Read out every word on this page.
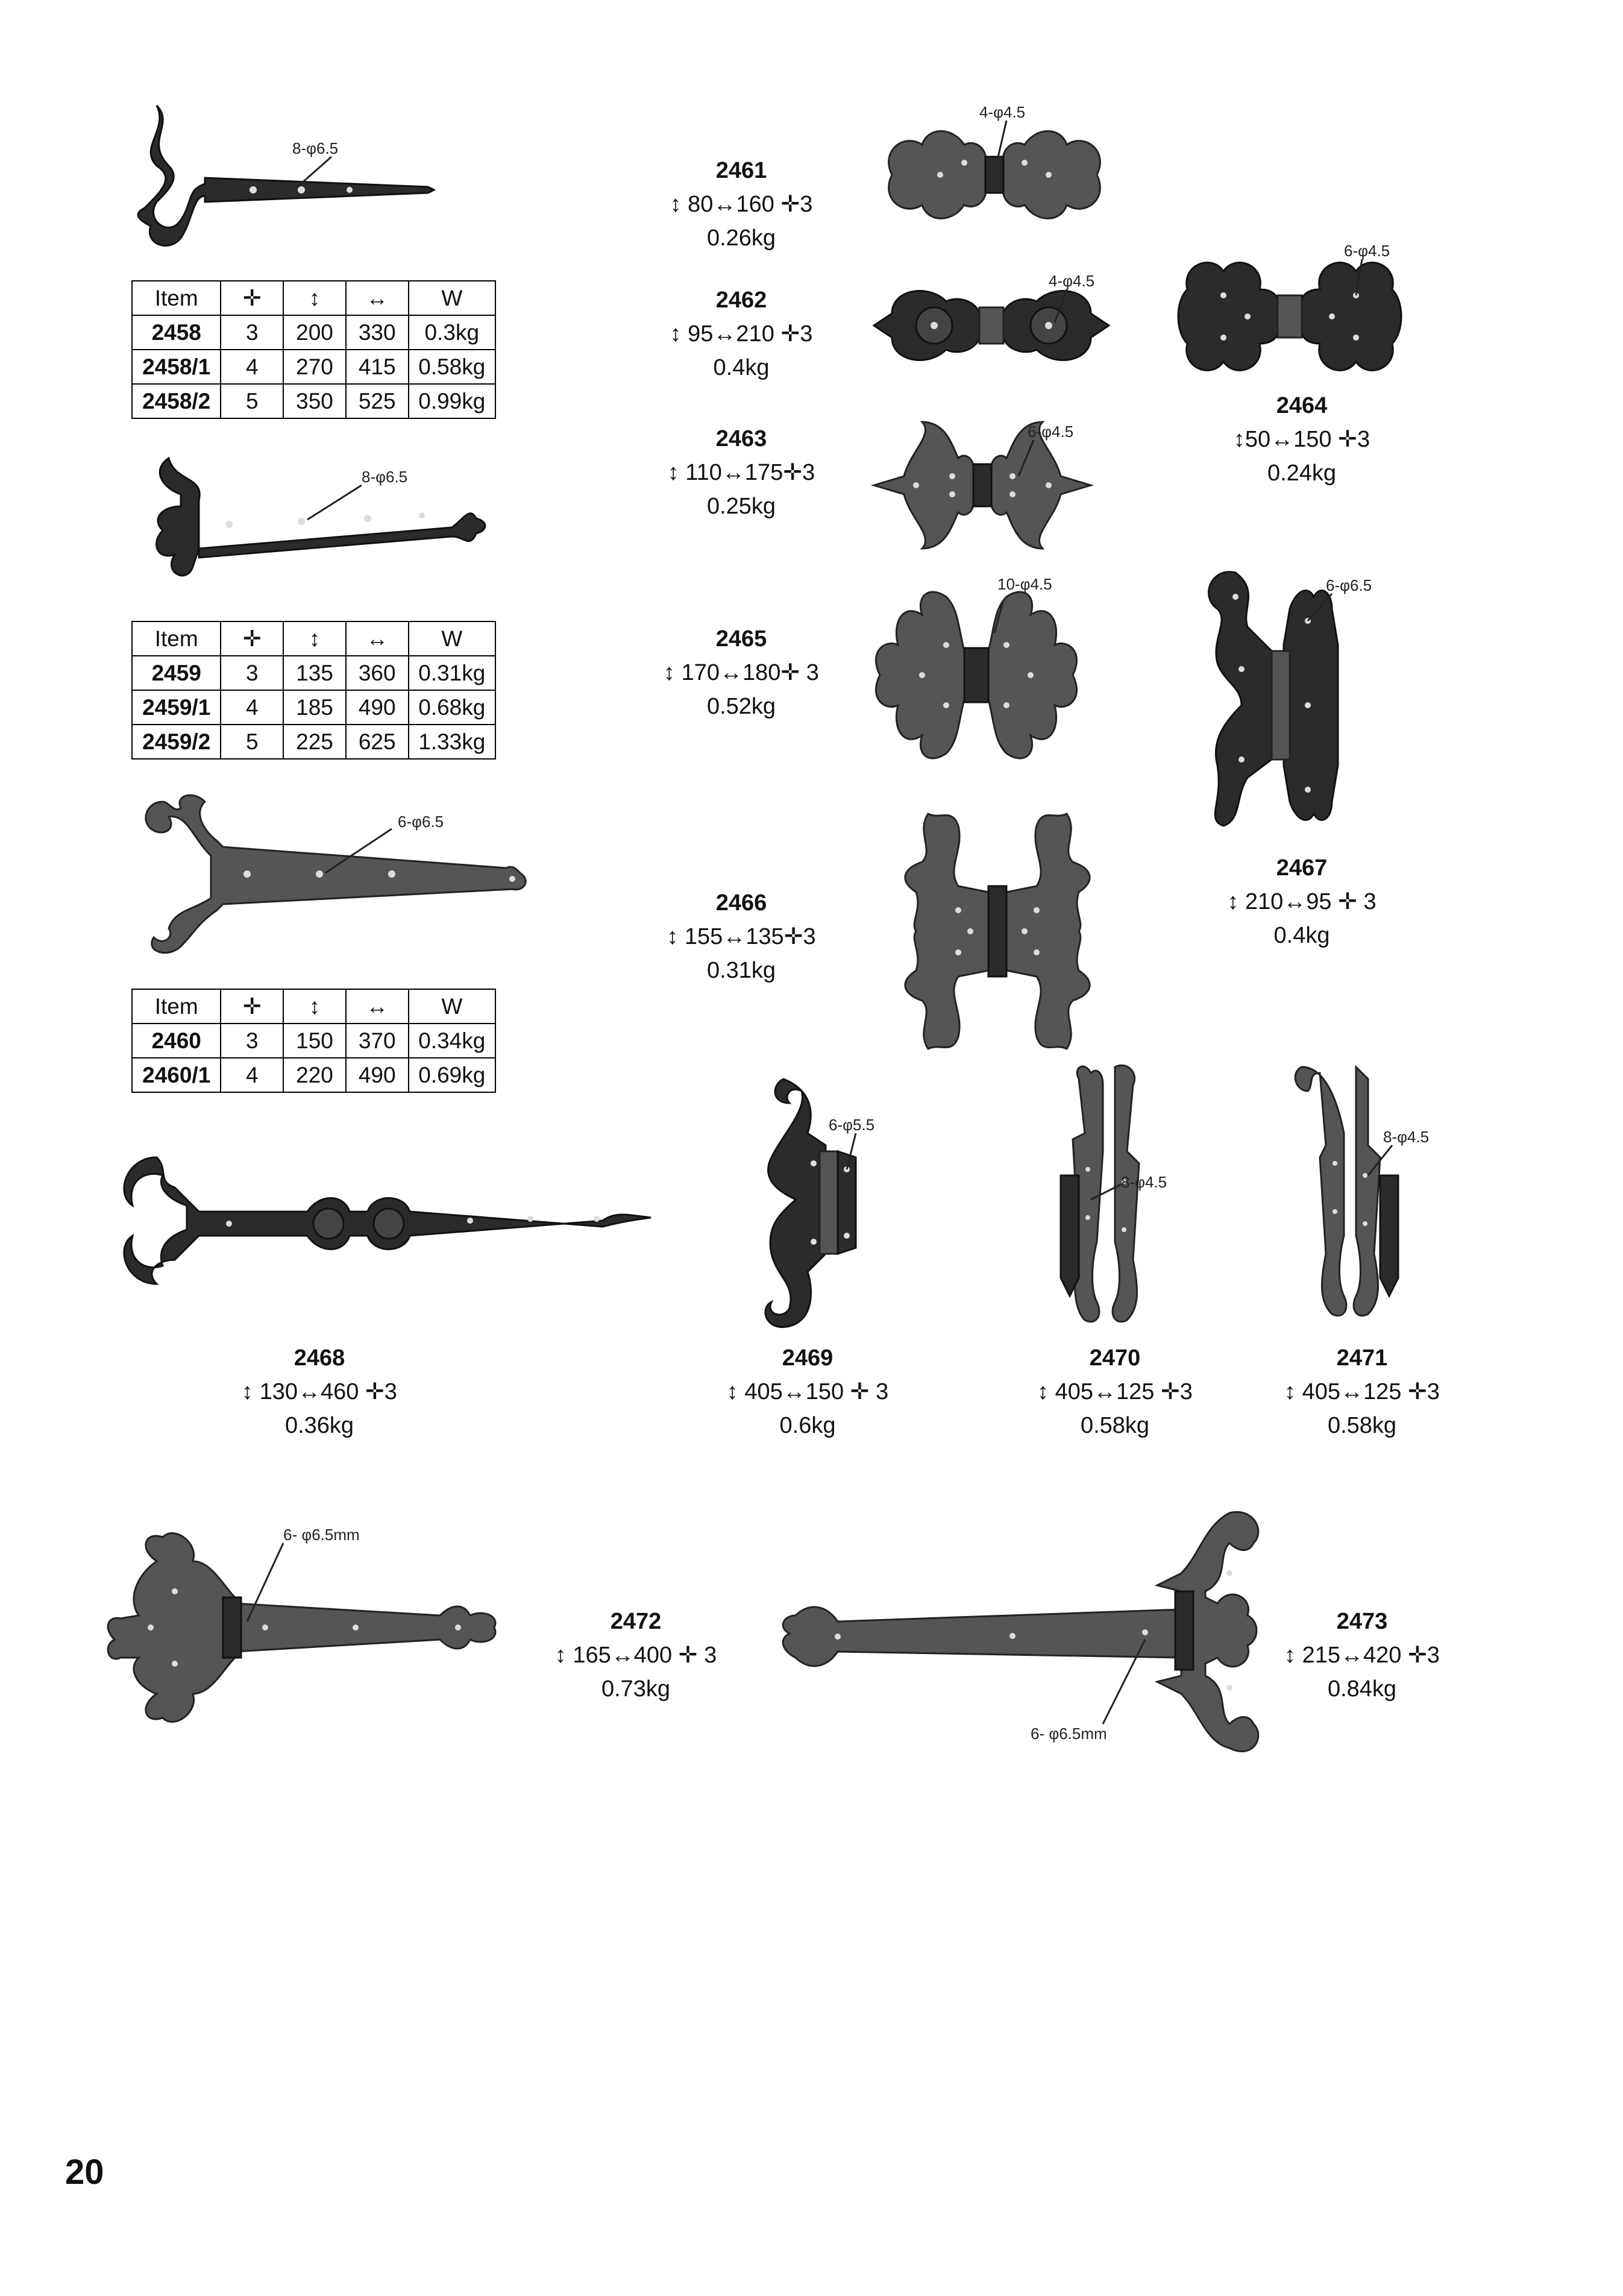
8-φ6.5
Item	✛	↕	↔	W
2458	3	200	330	0.3kg
2458/1	4	270	415	0.58kg
2458/2	5	350	525	0.99kg
8-φ6.5
Item	✛	↕	↔	W
2459	3	135	360	0.31kg
2459/1	4	185	490	0.68kg
2459/2	5	225	625	1.33kg
6-φ6.5
Item	✛	↕	↔	W
2460	3	150	370	0.34kg
2460/1	4	220	490	0.69kg
4-φ4.5
2461
↕ 80↔160 ✛3
0.26kg
4-φ4.5
2462
↕ 95↔210 ✛3
0.4kg
6-φ4.5
2463
↕ 110↔175✛3
0.25kg
6-φ4.5
2464
↕50↔150 ✛3
0.24kg
10-φ4.5
2465
↕ 170↔180✛ 3
0.52kg
2466
↕ 155↔135✛3
0.31kg
6-φ6.5
2467
↕ 210↔95 ✛ 3
0.4kg
2468
↕ 130↔460 ✛3
0.36kg
6-φ5.5
2469
↕ 405↔150 ✛ 3
0.6kg
8-φ4.5
2470
↕ 405↔125 ✛3
0.58kg
8-φ4.5
2471
↕ 405↔125 ✛3
0.58kg
6- φ6.5mm
2472
↕ 165↔400 ✛ 3
0.73kg
6- φ6.5mm
2473
↕ 215↔420 ✛3
0.84kg
20
